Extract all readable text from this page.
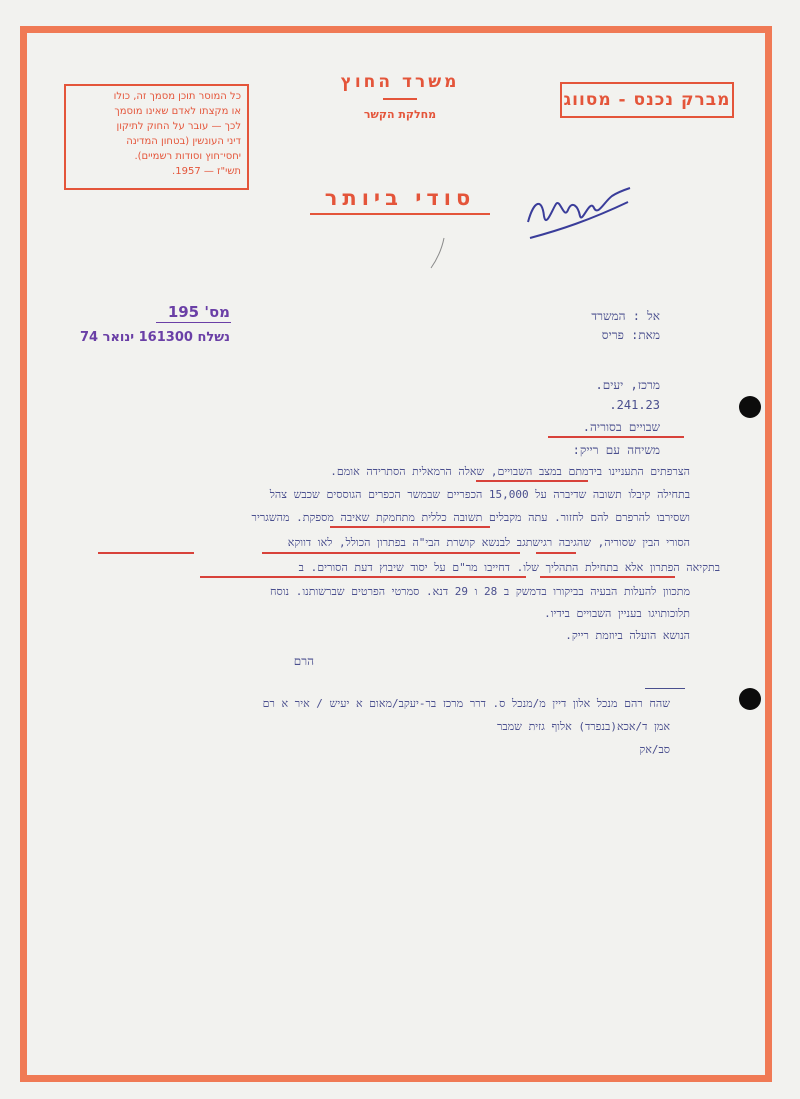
מברק נכנס - מסווג
כל המוסר תוכן מסמך זה, כולו
או מקצתו לאדם שאינו מוסמך
לכך — עובר על החוק לתיקון
דיני העונשין (בטחון המדינה
יחסי־חוץ וסודות רשמיים).
תשי"ז — 1957.
משרד החוץ
מחלקת הקשר
סודי ביותר
מס' 195	אל : המשרד
מאת: פריס
נשלח 161300 ינואר 74
מרכז, יעים.
241.23.
שבויים בסוריה.
משיחה עם רייק:
הצרפתים התעניינו בידמתם במצב השבויים, שאלה הרמאלית הסתרידה אומם.
בתחילה קיבלו תשובה שדיברה על 15,000 הכפריים שבמשר הכפרים הגוססים שכבש צהל
ושסירבו להרפרם להם לחזור. עתה מקבלים תשובה כללית מתחמקת שאיבה מספקת. מהשגריר
הסורי הבין שסוריה, שהגיבה רגישתגב לבנשא קושרת הבי"ה בפתרון הכולל, לאו דווקא
בתקיאה הפתרון אלא בתחילת התהליך שלו. דחייבו מר"ם על יסוד שיבוץ דעת הסורים. ב
מתכוון להעלות הבעיה בביקורו בדמשק ב 28 ו 29 דנא. סמרטי הפרטים שברשותנו. נוסח
תלוכותויגו בעניין השבויים בידיו.
הנושא הועלה ביוזמת רייק.
הרם
שהח רהם מנכל אלון דיין מ/מנכל ס. דרר מרכז בר-יעקב/מאום א יעיש / איר א רם
אמן ד/אכא(בנפרד) אלוף גזית שמבר
סב/אק
